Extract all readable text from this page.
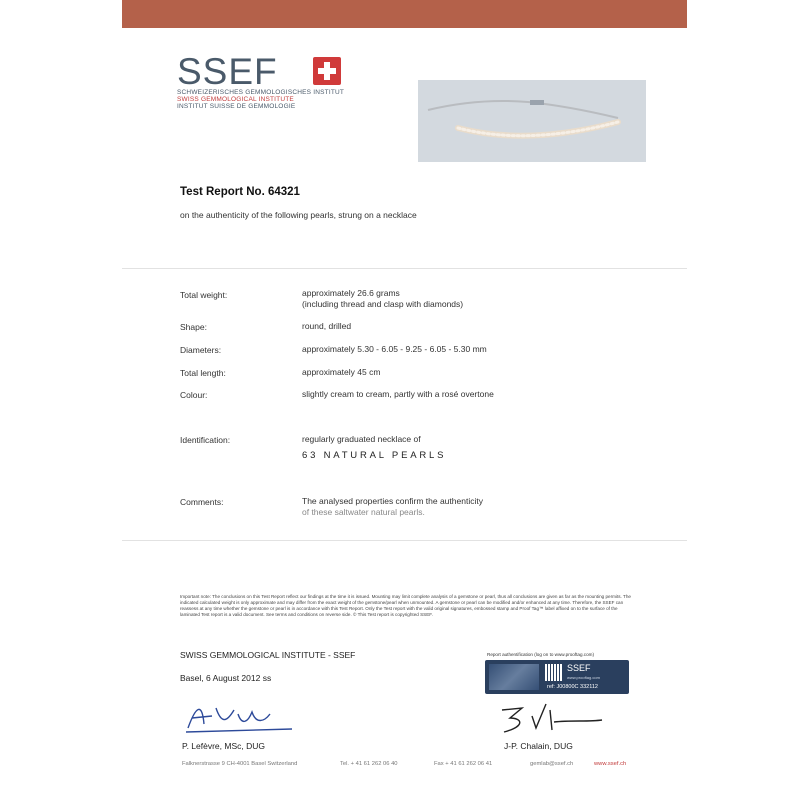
SSEF
SCHWEIZERISCHES GEMMOLOGISCHES INSTITUT
SWISS GEMMOLOGICAL INSTITUTE
INSTITUT SUISSE DE GEMMOLOGIE
Test Report No. 64321
on the authenticity of the following pearls, strung on a necklace
Total weight:	approximately 26.6 grams
(including thread and clasp with diamonds)
Shape:	round, drilled
Diameters:	approximately 5.30 - 6.05 - 9.25 - 6.05 - 5.30 mm
Total length:	approximately 45 cm
Colour:	slightly cream to cream, partly with a rosé overtone
Identification:	regularly graduated necklace of
63 NATURAL PEARLS
Comments:	The analysed properties confirm the authenticity
of these saltwater natural pearls.
Important note: The conclusions on this Test Report reflect our findings at the time it is issued. Mounting may limit complete analysis of a gemstone or pearl, thus all conclusions are given as far as the mounting permits. The indicated calculated weight is only approximate and may differ from the exact weight of the gemstone/pearl when unmounted. A gemstone or pearl can be modified and/or enhanced at any time. Therefore, the SSEF can reassess at any time whether the gemstone or pearl is in accordance with this Test Report. Only the Test report with the valid original signatures, embossed stamp and Proof Tag™ label affixed on to the surface of the laminated Test report is a valid document. See terms and conditions on reverse side. © This Test report is copyrighted SSEF.
SWISS GEMMOLOGICAL INSTITUTE - SSEF
Basel, 6 August 2012 ss
Report authentification (log on to www.prooftag.com)
SSEF
www.prooftag.com
ref: J00800C 332112
P. Lefèvre, MSc, DUG	J-P. Chalain, DUG
Falknerstrasse 9 CH-4001 Basel Switzerland	Tel. + 41 61 262 06 40	Fax + 41 61 262 06 41	gemlab@ssef.ch	www.ssef.ch
